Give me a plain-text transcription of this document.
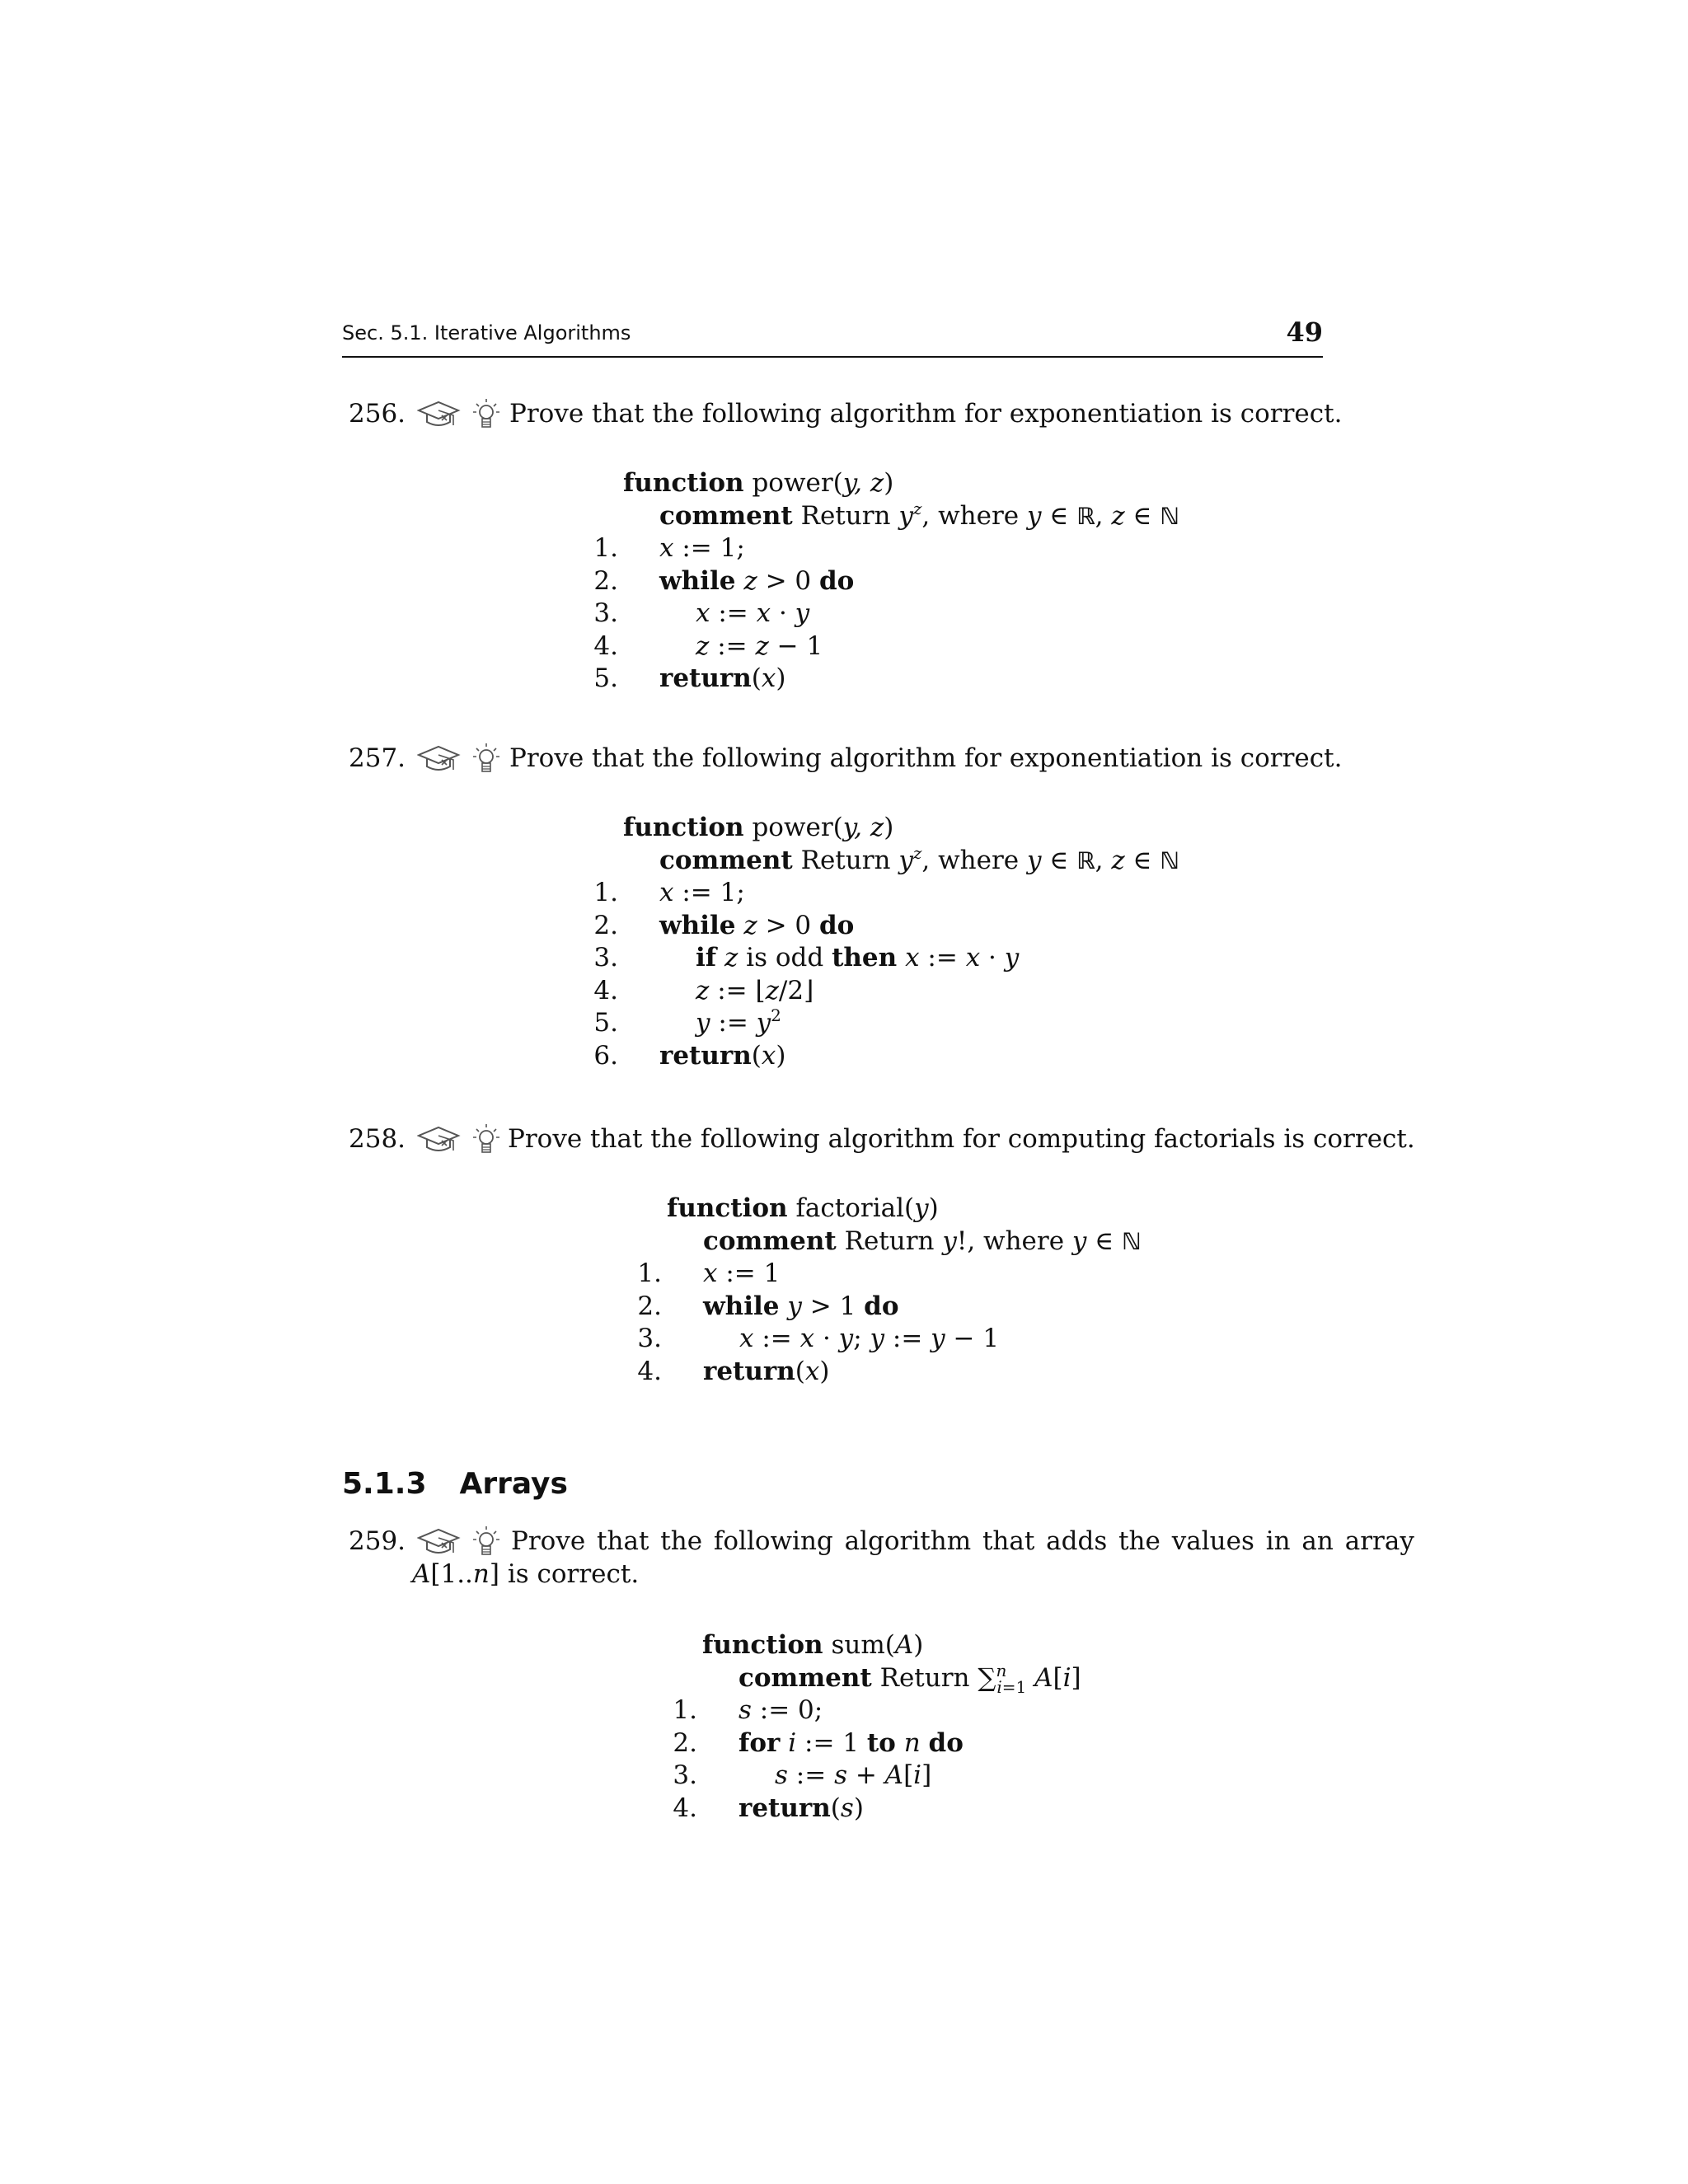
Sec. 5.1. Iterative Algorithms	49
256.	Prove that the following algorithm for exponentiation is correct.
function power(y, z)
comment Return $y^z$, where y ∈ ℝ, z ∈ ℕ
1. x := 1;
2. while z > 0 do
3.	x := x · y
4.	z := z − 1
5. return(x)
257.	Prove that the following algorithm for exponentiation is correct.
function power(y, z)
comment Return $y^z$, where y ∈ ℝ, z ∈ ℕ
1. x := 1;
2. while z > 0 do
3.	if z is odd then x := x · y
4.	z := ⌊z/2⌋
5.	y := $y^2$
6. return(x)
258.	Prove that the following algorithm for computing factorials is correct.
function factorial(y)
comment Return y!, where y ∈ ℕ
1. x := 1
2. while y > 1 do
3.	x := x · y; y := y − 1
4. return(x)
5.1.3 Arrays
259.	Prove that the following algorithm that adds the values in an array
A[1..n] is correct.
function sum(A)
comment Return ∑$^n_{i=1}$ A[i]
1. s := 0;
2. for i := 1 to n do
3.	s := s + A[i]
4. return(s)
